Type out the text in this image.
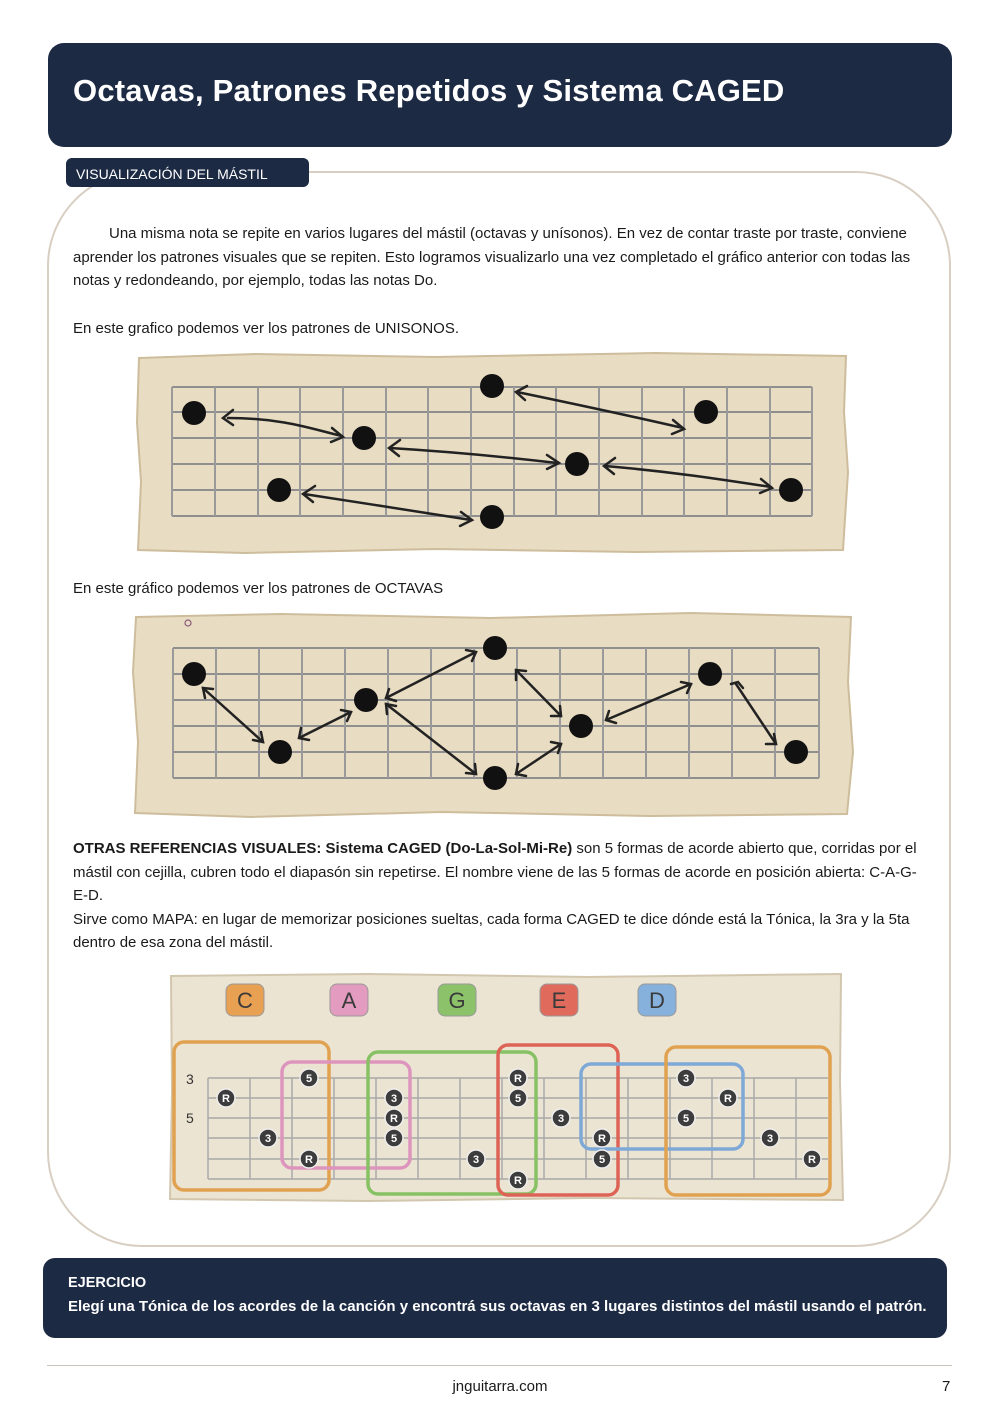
Octavas, Patrones Repetidos y Sistema CAGED
VISUALIZACIÓN DEL MÁSTIL

Una misma nota se repite en varios lugares del mástil (octavas y unísonos). En vez de contar traste por traste, conviene aprender los patrones visuales que se repiten. Esto logramos visualizarlo una vez completado el gráfico anterior con todas las notas y redondeando, por ejemplo, todas las notas Do.

En este grafico podemos ver los patrones de UNISONOS.

En este gráfico podemos ver los patrones de OCTAVAS

OTRAS REFERENCIAS VISUALES: Sistema CAGED (Do-La-Sol-Mi-Re) son 5 formas de acorde abierto que, corridas por el mástil con cejilla, cubren todo el diapasón sin repetirse. El nombre viene de las 5 formas de acorde en posición abierta: C-A-G-E-D.
Sirve como MAPA: en lugar de memorizar posiciones sueltas, cada forma CAGED te dice dónde está la Tónica, la 3ra y la 5ta dentro de esa zona del mástil.

C	A	G	E	D
3
5
R
3
5
R
3
R
5
3
R
5
3
R
R
5
3
5
R
3
R
EJERCICIO
Elegí una Tónica de los acordes de la canción y encontrá sus octavas en 3 lugares distintos del mástil usando el patrón.
jnguitarra.com	7
